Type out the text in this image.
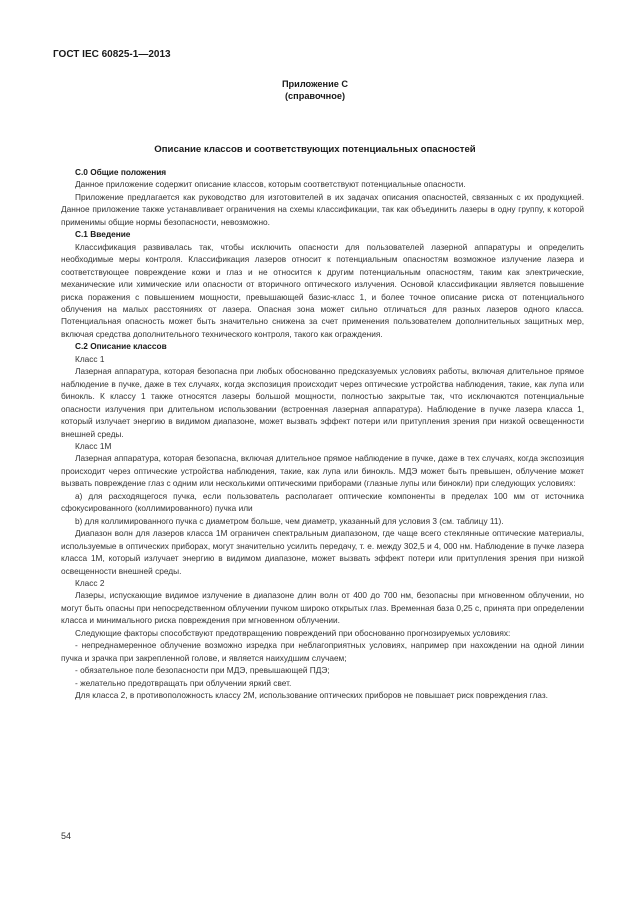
ГОСТ IEC 60825-1—2013
Приложение С
(справочное)
Описание классов и соответствующих потенциальных опасностей

С.0 Общие положения

Данное приложение содержит описание классов, которым соответствуют потенциальные опасности.

Приложение предлагается как руководство для изготовителей в их задачах описания опасностей, связанных с их продукцией. Данное приложение также устанавливает ограничения на схемы классификации, так как объединить лазеры в одну группу, к которой применимы общие нормы безопасности, невозможно.

С.1 Введение

Классификация развивалась так, чтобы исключить опасности для пользователей лазерной аппаратуры и определить необходимые меры контроля. Классификация лазеров относит к потенциальным опасностям возможное излучение лазера и соответствующее повреждение кожи и глаз и не относится к другим потенциальным опасностям, таким как электрические, механические или химические или опасности от вторичного оптического излучения. Основой классификации является повышение риска поражения с повышением мощности, превышающей базис-класс 1, и более точное описание риска от потенциального облучения на малых расстояниях от лазера. Опасная зона может сильно отличаться для разных лазеров одного класса. Потенциальная опасность может быть значительно снижена за счет применения пользователем дополнительных защитных мер, включая средства дополнительного технического контроля, такого как ограждения.

С.2 Описание классов

Класс 1

Лазерная аппаратура, которая безопасна при любых обоснованно предсказуемых условиях работы, включая длительное прямое наблюдение в пучке, даже в тех случаях, когда экспозиция происходит через оптические устройства наблюдения, такие, как лупа или бинокль. К классу 1 также относятся лазеры большой мощности, полностью закрытые так, что исключаются потенциальные опасности излучения при длительном использовании (встроенная лазерная аппаратура). Наблюдение в пучке лазера класса 1, который излучает энергию в видимом диапазоне, может вызвать эффект потери или притупления зрения при низкой освещенности внешней среды.

Класс 1М

Лазерная аппаратура, которая безопасна, включая длительное прямое наблюдение в пучке, даже в тех случаях, когда экспозиция происходит через оптические устройства наблюдения, такие, как лупа или бинокль. МДЭ может быть превышен, облучение может вызвать повреждение глаз с одним или несколькими оптическими приборами (глазные лупы или бинокли) при следующих условиях:

a) для расходящегося пучка, если пользователь располагает оптические компоненты в пределах 100 мм от источника сфокусированного (коллимированного) пучка или

b) для коллимированного пучка с диаметром больше, чем диаметр, указанный для условия 3 (см. таблицу 11).

Диапазон волн для лазеров класса 1М ограничен спектральным диапазоном, где чаще всего стеклянные оптические материалы, используемые в оптических приборах, могут значительно усилить передачу, т. е. между 302,5 и 4, 000 нм. Наблюдение в пучке лазера класса 1М, который излучает энергию в видимом диапазоне, может вызвать эффект потери или притупления зрения при низкой освещенности внешней среды.

Класс 2

Лазеры, испускающие видимое излучение в диапазоне длин волн от 400 до 700 нм, безопасны при мгновенном облучении, но могут быть опасны при непосредственном облучении пучком широко открытых глаз. Временная база 0,25 с, принята при определении класса и минимального риска повреждения при мгновенном облучении.

Следующие факторы способствуют предотвращению повреждений при обоснованно прогнозируемых условиях:

- непреднамеренное облучение возможно изредка при неблагоприятных условиях, например при нахождении на одной линии пучка и зрачка при закрепленной голове, и является наихудшим случаем;

- обязательное поле безопасности при МДЭ, превышающей ПДЭ;

- желательно предотвращать при облучении яркий свет.

Для класса 2, в противоположность классу 2М, использование оптических приборов не повышает риск повреждения глаз.

54
